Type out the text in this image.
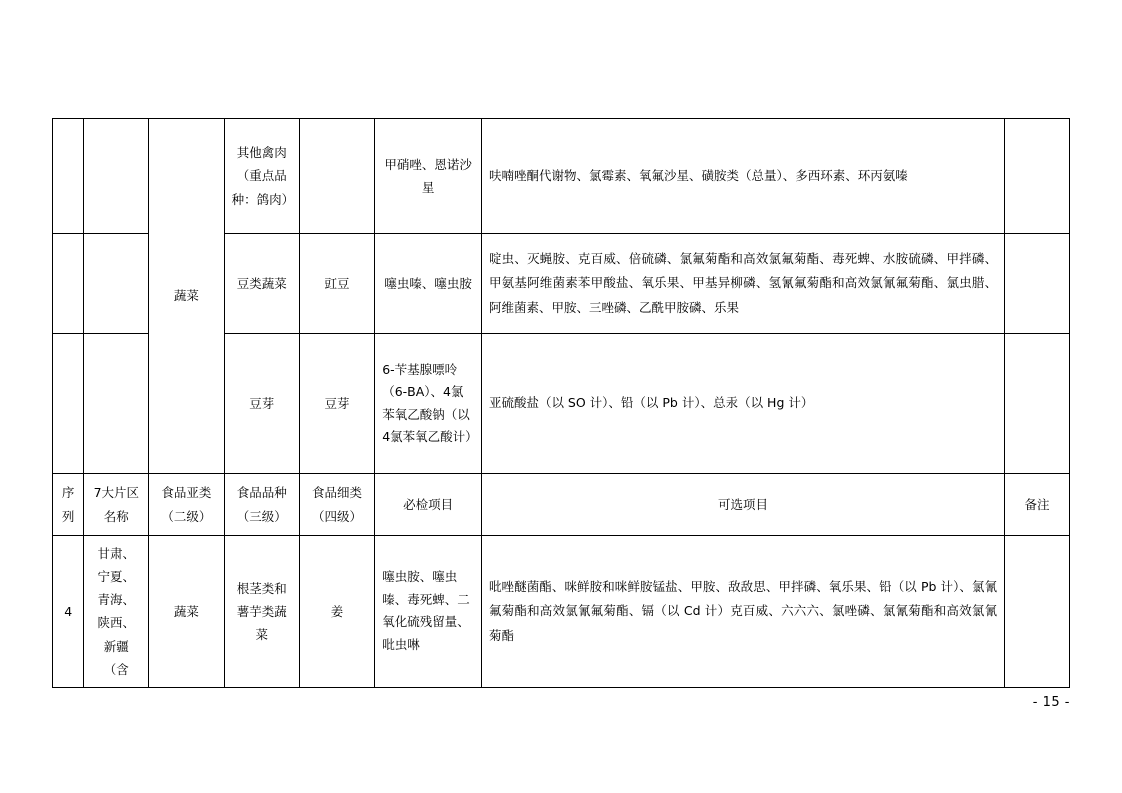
		蔬菜	其他禽肉（重点品种：鸽肉）		甲硝唑、恩诺沙星	呋喃唑酮代谢物、氯霉素、氧氟沙星、磺胺类（总量）、多西环素、环丙氨嗪	

			豆类蔬菜	豇豆	噻虫嗪、噻虫胺	啶虫、灭蝇胺、克百威、倍硫磷、氯氟菊酯和高效氯氟菊酯、毒死蜱、水胺硫磷、甲拌磷、甲氨基阿维菌素苯甲酸盐、氧乐果、甲基异柳磷、氢氰氟菊酯和高效氯氰氟菊酯、氯虫腊、阿维菌素、甲胺、三唑磷、乙酰甲胺磷、乐果	

			豆芽	豆芽	6-苄基腺嘌呤（6-BA）、4氯苯氧乙酸钠（以4氯苯氧乙酸计）	亚硫酸盐（以 SO 计）、铅（以 Pb 计）、总汞（以 Hg 计）	

序列	7大片区名称	食品亚类（二级）	食品品种（三级）	食品细类（四级）	必检项目	可选项目	备注
4	甘肃、宁夏、青海、陕西、新疆（含	蔬菜	根茎类和薯芋类蔬菜	姜	噻虫胺、噻虫嗪、毒死蜱、二氧化硫残留量、吡虫啉	吡唑醚菌酯、咪鲜胺和咪鲜胺锰盐、甲胺、敌敌思、甲拌磷、氧乐果、铅（以 Pb 计）、氯氰氟菊酯和高效氯氰氟菊酯、镉（以 Cd 计）克百威、六六六、氯唑磷、氯氰菊酯和高效氯氰菊酯	

- 15 -
